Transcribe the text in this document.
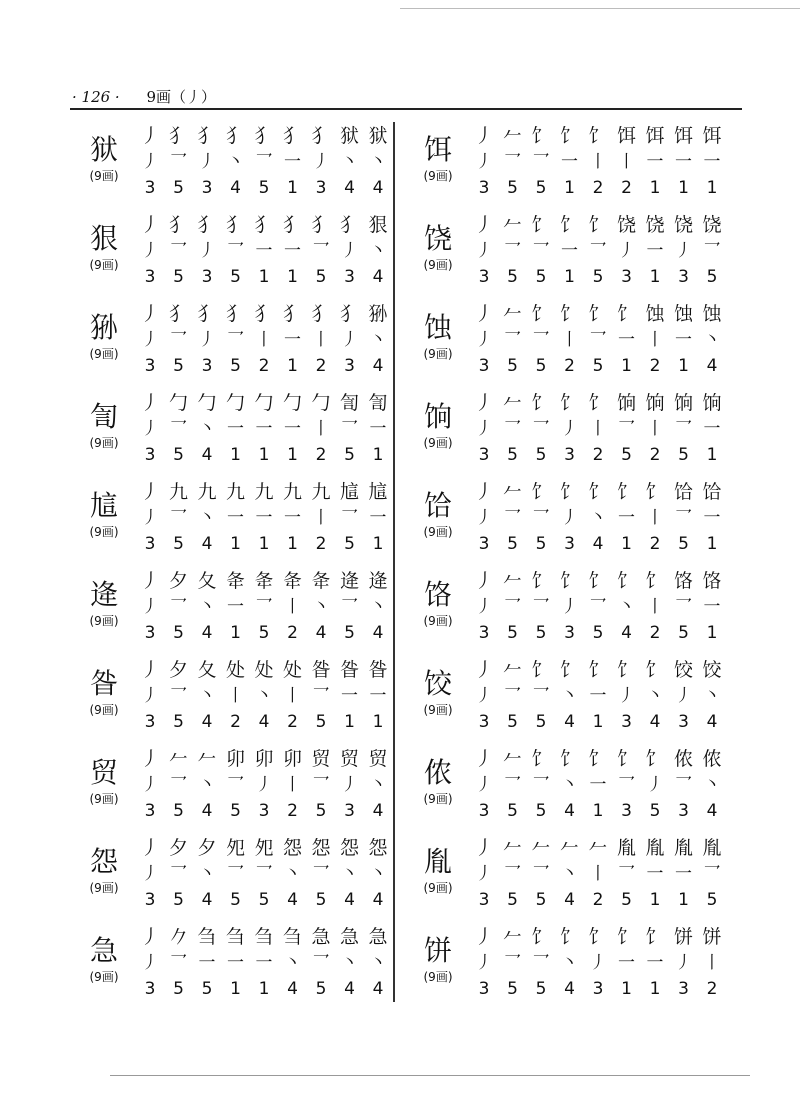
· 126 · 9画（丿）
狱
(9画)
丿 犭 犭 犭 犭 犭 犭 狱 狱
丿 乛 丿 丶 乛 一 丿 丶 丶
3	5	3	4	5	1	3	4	4
狠
(9画)
丿 犭 犭 犭 犭 犭 犭 犭 狠
丿 乛 丿 乛 一 一 乛 丿 丶
3	5	3	5	1	1	5	3	4
狲
(9画)
丿 犭 犭 犭 犭 犭 犭 犭 狲
丿 乛 丿 乛 丨 一 丨 丿 丶
3	5	3	5	2	1	2	3	4
訇
(9画)
丿 勹 勹 勹 勹 勹 勹 訇 訇
丿 乛 丶 一 一 一 丨 乛 一
3	5	4	1	1	1	2	5	1
訄
(9画)
丿 九 九 九 九 九 九 訄 訄
丿 乛 丶 一 一 一 丨 乛 一
3	5	4	1	1	1	2	5	1
逄
(9画)
丿 夕 夂 夅 夅 夅 夅 逄 逄
丿 乛 丶 一 乛 丨 丶 乛 丶
3	5	4	1	5	2	4	5	4
昝
(9画)
丿 夕 夂 处 处 处 昝 昝 昝
丿 乛 丶 丨 丶 丨 乛 一 一
3	5	4	2	4	2	5	1	1
贸
(9画)
丿 𠂉 𠂉 卯 卯 卯 贸 贸 贸
丿 乛 丶 乛 丿 丨 乛 丿 丶
3	5	4	5	3	2	5	3	4
怨
(9画)
丿 夕 夕 夗 夗 怨 怨 怨 怨
丿 乛 丶 乛 乛 丶 乛 丶 丶
3	5	4	5	5	4	5	4	4
急
(9画)
丿 𠂊 刍 刍 刍 刍 急 急 急
丿 乛 一 一 一 丶 乛 丶 丶
3	5	5	1	1	4	5	4	4
饵
(9画)
丿 𠂉 饣 饣 饣 饵 饵 饵 饵
丿 乛 乛 一 丨 丨 一 一 一
3	5	5	1	2	2	1	1	1
饶
(9画)
丿 𠂉 饣 饣 饣 饶 饶 饶 饶
丿 乛 乛 一 乛 丿 一 丿 乛
3	5	5	1	5	3	1	3	5
蚀
(9画)
丿 𠂉 饣 饣 饣 饣 蚀 蚀 蚀
丿 乛 乛 丨 乛 一 丨 一 丶
3	5	5	2	5	1	2	1	4
饷
(9画)
丿 𠂉 饣 饣 饣 饷 饷 饷 饷
丿 乛 乛 丿 丨 乛 丨 乛 一
3	5	5	3	2	5	2	5	1
饸
(9画)
丿 𠂉 饣 饣 饣 饣 饣 饸 饸
丿 乛 乛 丿 丶 一 丨 乛 一
3	5	5	3	4	1	2	5	1
饹
(9画)
丿 𠂉 饣 饣 饣 饣 饣 饹 饹
丿 乛 乛 丿 乛 丶 丨 乛 一
3	5	5	3	5	4	2	5	1
饺
(9画)
丿 𠂉 饣 饣 饣 饣 饣 饺 饺
丿 乛 乛 丶 一 丿 丶 丿 丶
3	5	5	4	1	3	4	3	4
侬
(9画)
丿 𠂉 饣 饣 饣 饣 饣 侬 侬
丿 乛 乛 丶 一 乛 丿 乛 丶
3	5	5	4	1	3	5	3	4
胤
(9画)
丿 𠂉 𠂉 𠂉 𠂉 胤 胤 胤 胤
丿 乛 乛 丶 丨 乛 一 一 乛
3	5	5	4	2	5	1	1	5
饼
(9画)
丿 𠂉 饣 饣 饣 饣 饣 饼 饼
丿 乛 乛 丶 丿 一 一 丿 丨
3	5	5	4	3	1	1	3	2
